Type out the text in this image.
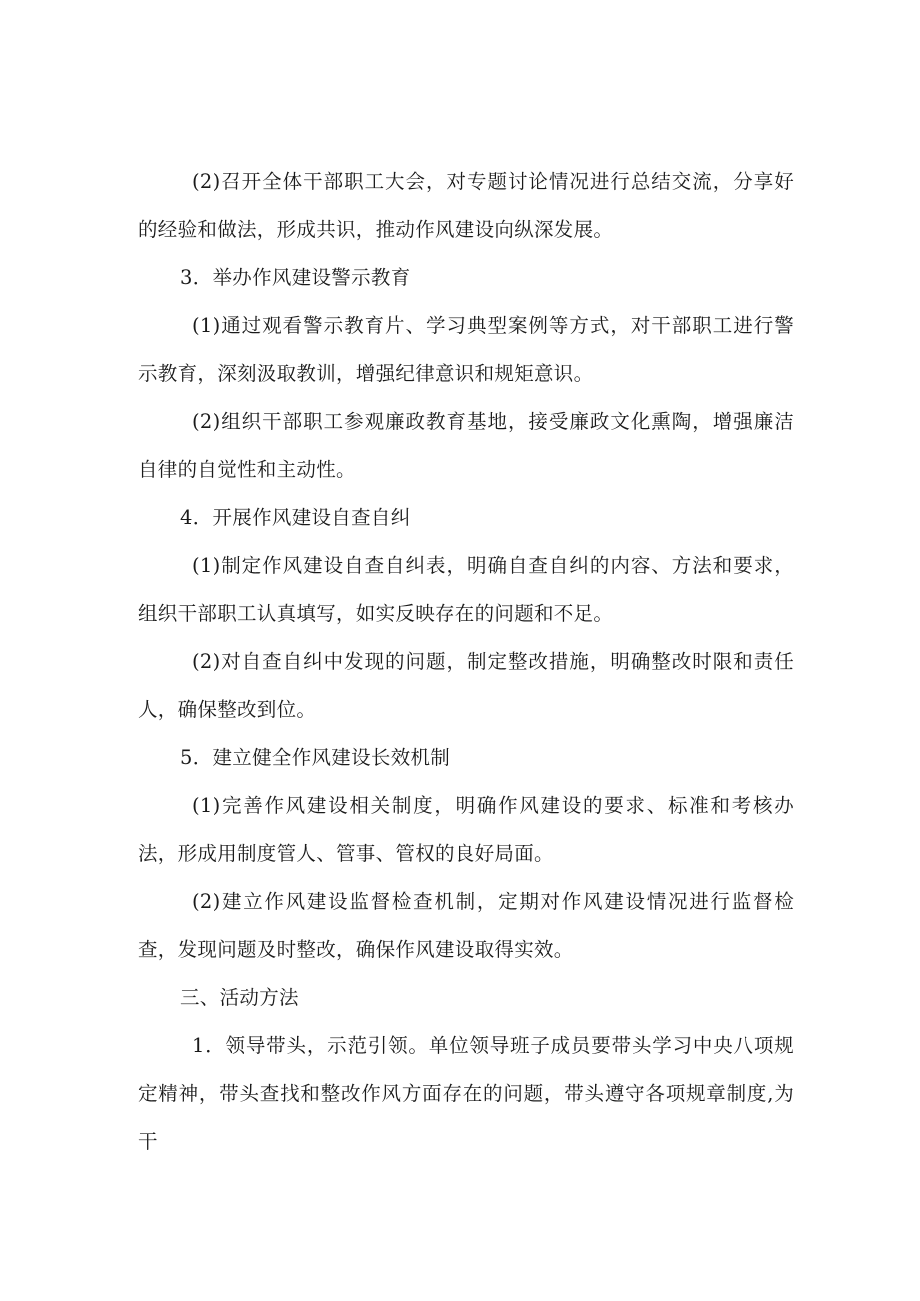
(2)召开全体干部职工大会，对专题讨论情况进行总结交流，分享好的经验和做法，形成共识，推动作风建设向纵深发展。

3．举办作风建设警示教育

(1)通过观看警示教育片、学习典型案例等方式，对干部职工进行警示教育，深刻汲取教训，增强纪律意识和规矩意识。

(2)组织干部职工参观廉政教育基地，接受廉政文化熏陶，增强廉洁自律的自觉性和主动性。

4．开展作风建设自查自纠

(1)制定作风建设自查自纠表，明确自查自纠的内容、方法和要求，组织干部职工认真填写，如实反映存在的问题和不足。

(2)对自查自纠中发现的问题，制定整改措施，明确整改时限和责任人，确保整改到位。

5．建立健全作风建设长效机制

(1)完善作风建设相关制度，明确作风建设的要求、标准和考核办法，形成用制度管人、管事、管权的良好局面。

(2)建立作风建设监督检查机制，定期对作风建设情况进行监督检查，发现问题及时整改，确保作风建设取得实效。

三、活动方法

1．领导带头，示范引领。单位领导班子成员要带头学习中央八项规定精神，带头查找和整改作风方面存在的问题，带头遵守各项规章制度,为干
